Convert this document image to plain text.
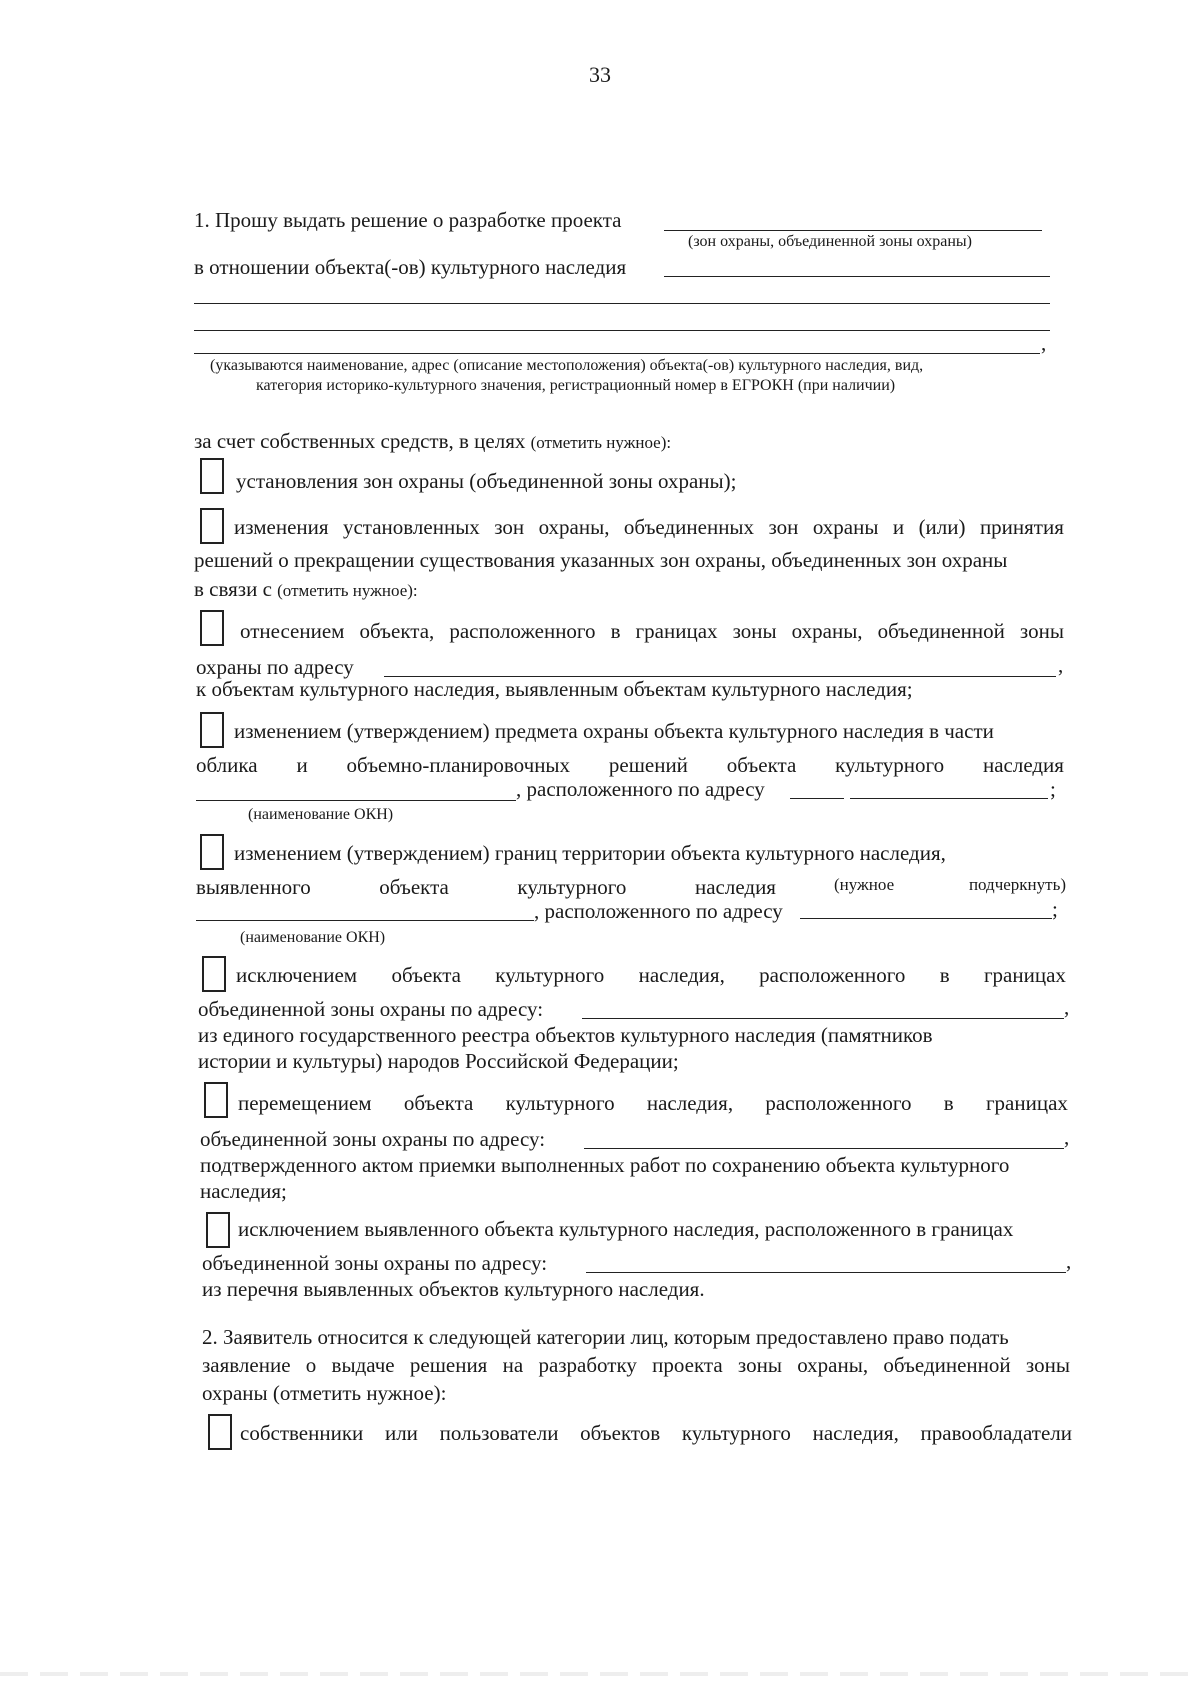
33
1. Прошу выдать решение о разработке проекта
(зон охраны, объединенной зоны охраны)
в отношении объекта(-ов) культурного наследия
,
(указываются наименование, адрес (описание местоположения) объекта(-ов) культурного наследия, вид,
категория историко-культурного значения, регистрационный номер в ЕГРОКН (при наличии)
за счет собственных средств, в целях (отметить нужное):
установления зон охраны (объединенной зоны охраны);
изменения установленных зон охраны, объединенных зон охраны и (или) принятия
решений о прекращении существования указанных зон охраны, объединенных зон охраны
в связи с (отметить нужное):
отнесением объекта, расположенного в границах зоны охраны, объединенной зоны
охраны по адресу	,
к объектам культурного наследия, выявленным объектам культурного наследия;
изменением (утверждением) предмета охраны объекта культурного наследия в части
облика и объемно-планировочных решений объекта культурного наследия
, расположенного по адресу	;
(наименование ОКН)
изменением (утверждением) границ территории объекта культурного наследия,
выявленного	объекта	культурного	наследия	(нужное	подчеркнуть)
, расположенного по адресу	;
(наименование ОКН)
исключением объекта культурного наследия, расположенного в границах
объединенной зоны охраны по адресу:	,
из единого государственного реестра объектов культурного наследия (памятников
истории и культуры) народов Российской Федерации;
перемещением объекта культурного наследия, расположенного в границах
объединенной зоны охраны по адресу:	,
подтвержденного актом приемки выполненных работ по сохранению объекта культурного
наследия;
исключением выявленного объекта культурного наследия, расположенного в границах
объединенной зоны охраны по адресу:	,
из перечня выявленных объектов культурного наследия.
2. Заявитель относится к следующей категории лиц, которым предоставлено право подать
заявление о выдаче решения на разработку проекта зоны охраны, объединенной зоны
охраны (отметить нужное):
собственники или пользователи объектов культурного наследия, правообладатели
